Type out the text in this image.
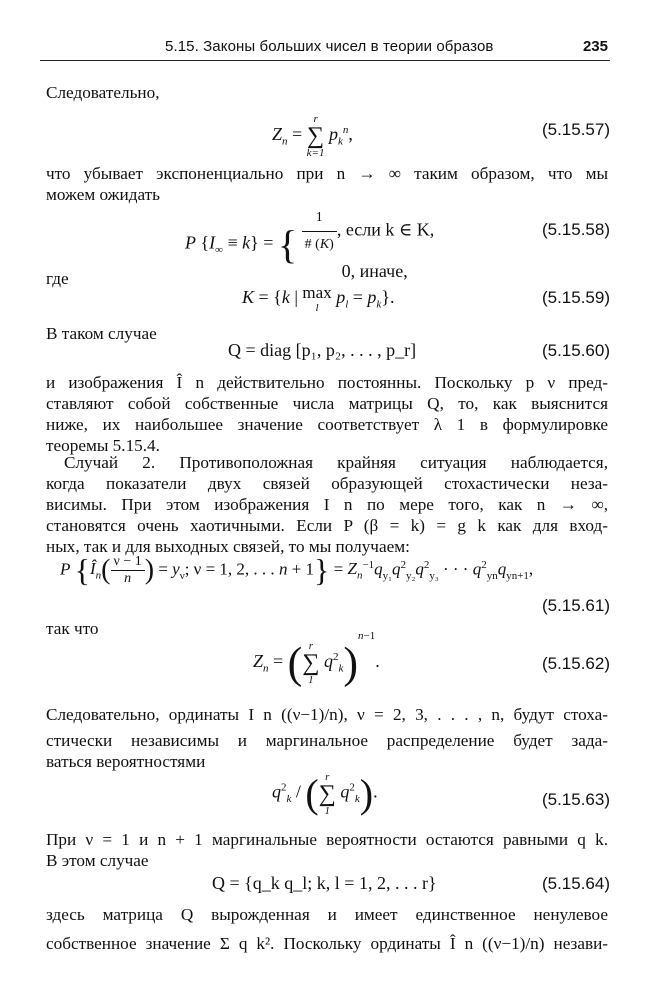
5.15. Законы больших чисел в теории образов	235
Следовательно,
$Z_n$ =
r
∑
k=1
$p_k^n$,	(5.15.57)
что убывает экспоненциально при n → ∞ таким образом, что мы
можем ожидать
P $\{I_\infty \equiv k\}$ = { $\frac{1}{\# (K)}$ , если k ∈ K,
0, иначе,
(5.15.58)
где
K = {k | max
l
$p_l = p_k$}.	(5.15.59)
В таком случае
Q = diag [p₁, p₂, . . . , p_r]	(5.15.60)
и изображения Î n действительно постоянны. Поскольку p ν пред-
ставляют собой собственные числа матрицы Q, то, как выяснится
ниже, их наибольшее значение соответствует λ 1 в формулировке
теоремы 5.15.4.
Случай 2. Противоположная крайняя ситуация наблюдается,
когда показатели двух связей образующей стохастически неза-
висимы. При этом изображения I n по мере того, как n → ∞,
становятся очень хаотичными. Если P (β = k) = g k как для вход-
ных, так и для выходных связей, то мы получаем:
P {$Î_n( \frac{\nu - 1}{n}$ ) = $y_\nu$; ν = 1, 2, . . . $n + 1\} = Z_n^{-1}q_{y_1}q^2_{y_2}q^2_{y_3}$ · · · $q^2_{yn}q_{yn+1}$,
(5.15.61)
так что
$Z_n$ = ( r
∑
1
$q^2_k)^{n-1}$.	(5.15.62)
Следовательно, ординаты I n ((ν−1)/n), ν = 2, 3, . . . , n, будут стоха-
стически независимы и маргинальное распределение будет зада-
ваться вероятностями
$q^2_k$ / ( r
∑
1
$q^2_k$).	(5.15.63)
При ν = 1 и n + 1 маргинальные вероятности остаются равными q k.
В этом случае
Q = {q_k q_l; k, l = 1, 2, . . . r}	(5.15.64)
здесь матрица Q вырожденная и имеет единственное ненулевое
собственное значение Σ q k². Поскольку ординаты Î n ((ν−1)/n) незави-
